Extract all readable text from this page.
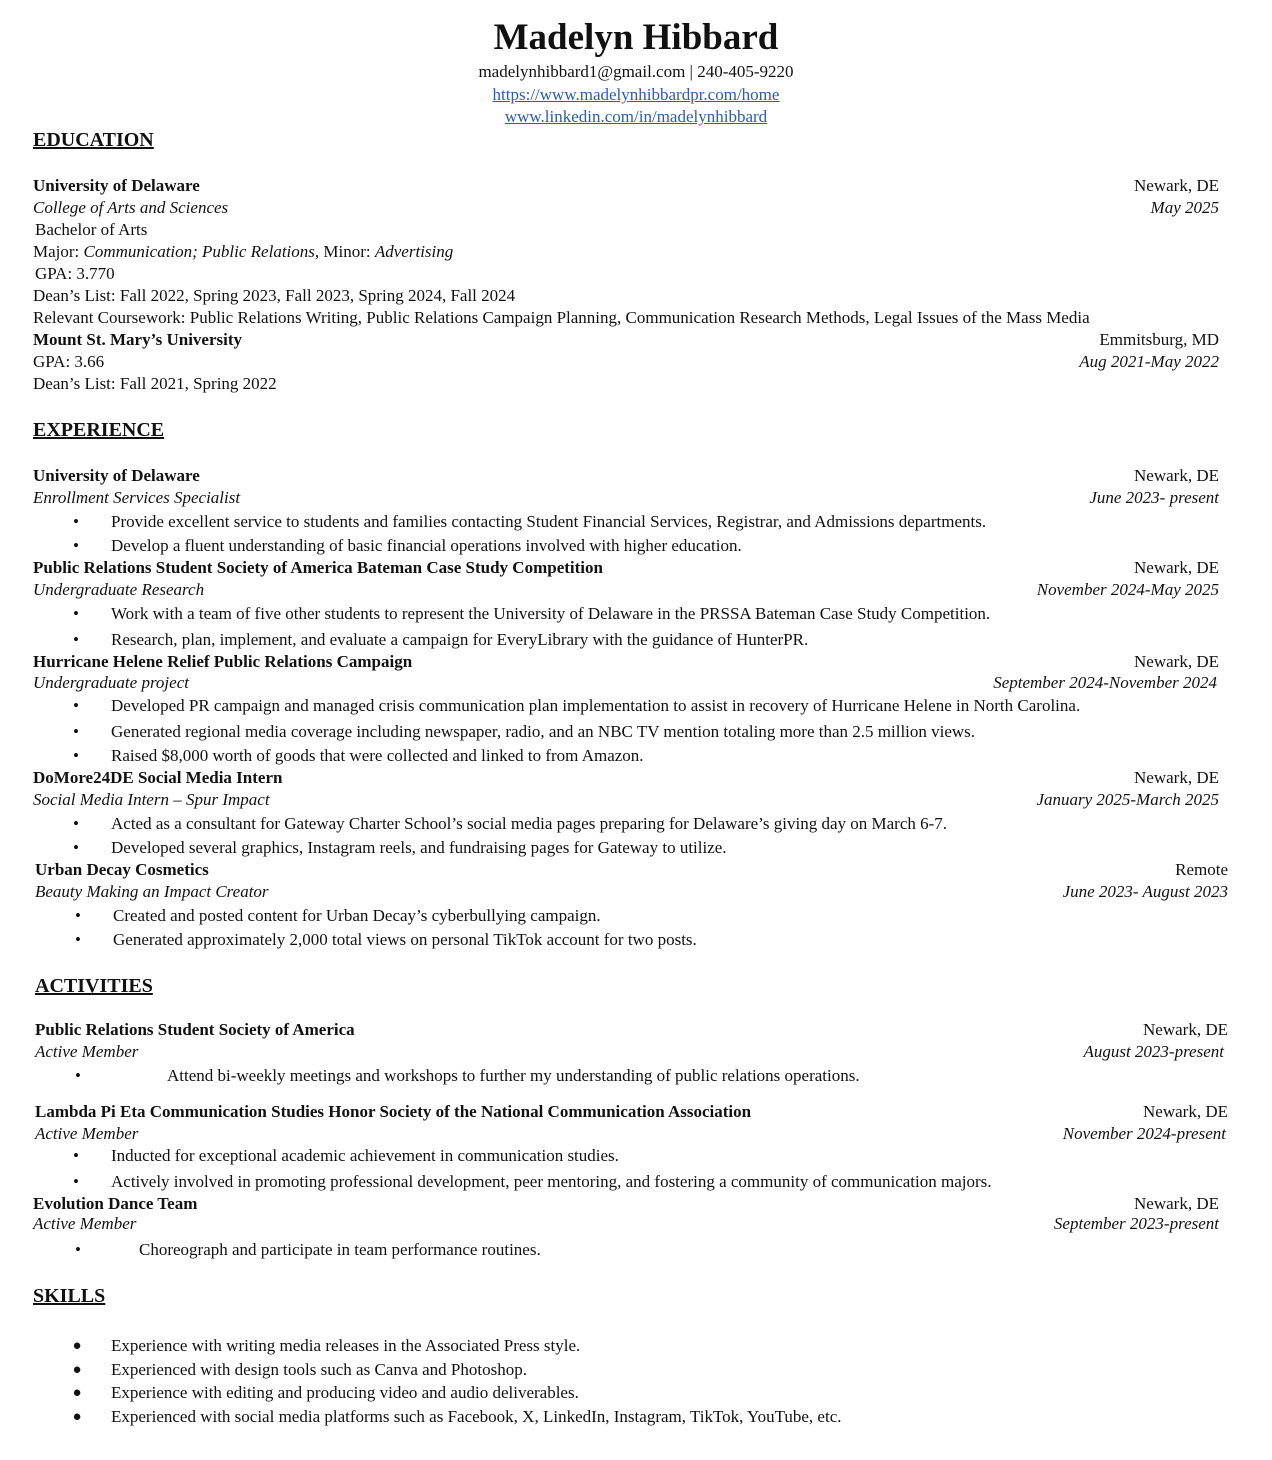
Madelyn Hibbard
madelynhibbard1@gmail.com | 240-405-9220
https://www.madelynhibbardpr.com/home
www.linkedin.com/in/madelynhibbard
EDUCATION
University of Delaware	Newark, DE
College of Arts and Sciences	May 2025
Bachelor of Arts
Major: Communication; Public Relations, Minor: Advertising
GPA: 3.770
Dean’s List: Fall 2022, Spring 2023, Fall 2023, Spring 2024, Fall 2024
Relevant Coursework: Public Relations Writing, Public Relations Campaign Planning, Communication Research Methods, Legal Issues of the Mass Media
Mount St. Mary’s University	Emmitsburg, MD
GPA: 3.66	Aug 2021-May 2022
Dean’s List: Fall 2021, Spring 2022
EXPERIENCE
University of Delaware	Newark, DE
Enrollment Services Specialist	June 2023- present
• Provide excellent service to students and families contacting Student Financial Services, Registrar, and Admissions departments.
• Develop a fluent understanding of basic financial operations involved with higher education.
Public Relations Student Society of America Bateman Case Study Competition	Newark, DE
Undergraduate Research	November 2024-May 2025
• Work with a team of five other students to represent the University of Delaware in the PRSSA Bateman Case Study Competition.
• Research, plan, implement, and evaluate a campaign for EveryLibrary with the guidance of HunterPR.
Hurricane Helene Relief Public Relations Campaign	Newark, DE
Undergraduate project	September 2024-November 2024
• Developed PR campaign and managed crisis communication plan implementation to assist in recovery of Hurricane Helene in North Carolina.
• Generated regional media coverage including newspaper, radio, and an NBC TV mention totaling more than 2.5 million views.
• Raised $8,000 worth of goods that were collected and linked to from Amazon.
DoMore24DE Social Media Intern	Newark, DE
Social Media Intern – Spur Impact	January 2025-March 2025
• Acted as a consultant for Gateway Charter School’s social media pages preparing for Delaware’s giving day on March 6-7.
• Developed several graphics, Instagram reels, and fundraising pages for Gateway to utilize.
Urban Decay Cosmetics	Remote
Beauty Making an Impact Creator	June 2023- August 2023
• Created and posted content for Urban Decay’s cyberbullying campaign.
• Generated approximately 2,000 total views on personal TikTok account for two posts.
ACTIVITIES
Public Relations Student Society of America	Newark, DE
Active Member	August 2023-present
•	Attend bi-weekly meetings and workshops to further my understanding of public relations operations.
Lambda Pi Eta Communication Studies Honor Society of the National Communication Association	Newark, DE
Active Member	November 2024-present
• Inducted for exceptional academic achievement in communication studies.
• Actively involved in promoting professional development, peer mentoring, and fostering a community of communication majors.
Evolution Dance Team	Newark, DE
Active Member	September 2023-present
•	Choreograph and participate in team performance routines.
SKILLS
● Experience with writing media releases in the Associated Press style.
● Experienced with design tools such as Canva and Photoshop.
● Experience with editing and producing video and audio deliverables.
● Experienced with social media platforms such as Facebook, X, LinkedIn, Instagram, TikTok, YouTube, etc.
